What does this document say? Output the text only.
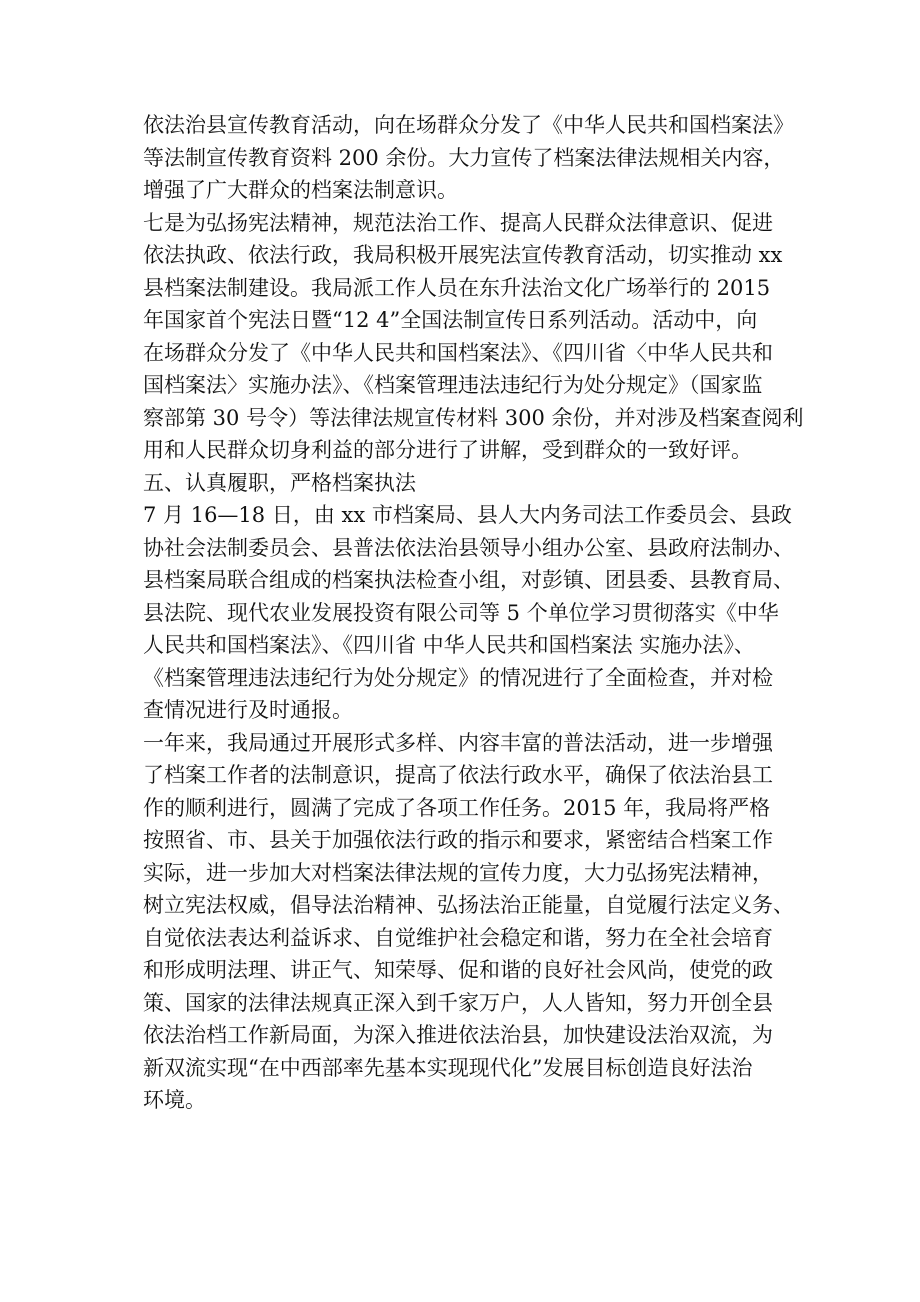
依法治县宣传教育活动，向在场群众分发了《中华人民共和国档案法》
等法制宣传教育资料 200 余份。大力宣传了档案法律法规相关内容，
增强了广大群众的档案法制意识。
七是为弘扬宪法精神，规范法治工作、提高人民群众法律意识、促进
依法执政、依法行政，我局积极开展宪法宣传教育活动，切实推动 xx
县档案法制建设。我局派工作人员在东升法治文化广场举行的 2015
年国家首个宪法日暨“12 4”全国法制宣传日系列活动。活动中，向
在场群众分发了《中华人民共和国档案法》、《四川省〈中华人民共和
国档案法〉实施办法》、《档案管理违法违纪行为处分规定》（国家监
察部第 30 号令）等法律法规宣传材料 300 余份，并对涉及档案查阅利
用和人民群众切身利益的部分进行了讲解，受到群众的一致好评。
五、认真履职，严格档案执法
7 月 16—18 日，由 xx 市档案局、县人大内务司法工作委员会、县政
协社会法制委员会、县普法依法治县领导小组办公室、县政府法制办、
县档案局联合组成的档案执法检查小组，对彭镇、团县委、县教育局、
县法院、现代农业发展投资有限公司等 5 个单位学习贯彻落实《中华
人民共和国档案法》、《四川省 中华人民共和国档案法 实施办法》、
《档案管理违法违纪行为处分规定》的情况进行了全面检查，并对检
查情况进行及时通报。
一年来，我局通过开展形式多样、内容丰富的普法活动，进一步增强
了档案工作者的法制意识，提高了依法行政水平，确保了依法治县工
作的顺利进行，圆满了完成了各项工作任务。2015 年，我局将严格
按照省、市、县关于加强依法行政的指示和要求，紧密结合档案工作
实际，进一步加大对档案法律法规的宣传力度，大力弘扬宪法精神，
树立宪法权威，倡导法治精神、弘扬法治正能量，自觉履行法定义务、
自觉依法表达利益诉求、自觉维护社会稳定和谐，努力在全社会培育
和形成明法理、讲正气、知荣辱、促和谐的良好社会风尚，使党的政
策、国家的法律法规真正深入到千家万户，人人皆知，努力开创全县
依法治档工作新局面，为深入推进依法治县，加快建设法治双流，为
新双流实现“在中西部率先基本实现现代化”发展目标创造良好法治
环境。
